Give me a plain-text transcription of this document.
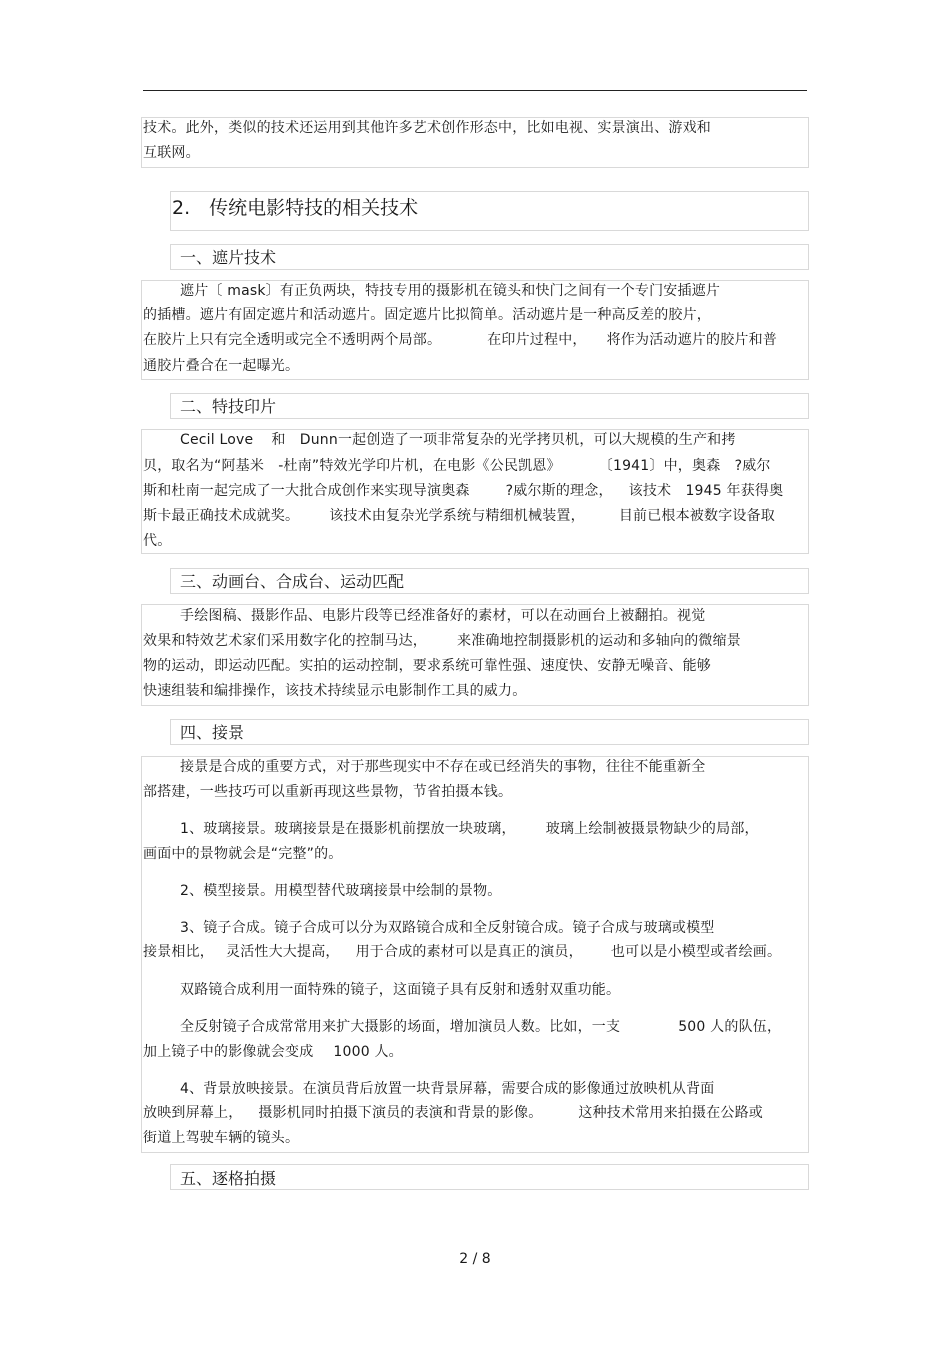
技术。此外，类似的技术还运用到其他许多艺术创作形态中，比如电视、实景演出、游戏和

互联网。

2.　传统电影特技的相关技术
一、遮片技术

遮片〔 mask〕有正负两块，特技专用的摄影机在镜头和快门之间有一个专门安插遮片

的插槽。遮片有固定遮片和活动遮片。固定遮片比拟简单。活动遮片是一种高反差的胶片，

在胶片上只有完全透明或完全不透明两个局部。	在印片过程中， 将作为活动遮片的胶片和普

通胶片叠合在一起曝光。

二、特技印片

Cecil Love 和　Dunn一起创造了一项非常复杂的光学拷贝机，可以大规模的生产和拷

贝，取名为“阿基米　-杜南”特效光学印片机，在电影《公民凯恩》	〔1941〕中，奥森　?威尔

斯和杜南一起完成了一大批合成创作来实现导演奥森	?威尔斯的理念， 该技术　1945 年获得奥

斯卡最正确技术成就奖。 该技术由复杂光学系统与精细机械装置， 目前已根本被数字设备取

代。

三、动画台、合成台、运动匹配

手绘图稿、摄影作品、电影片段等已经准备好的素材，可以在动画台上被翻拍。视觉

效果和特效艺术家们采用数字化的控制马达， 来准确地控制摄影机的运动和多轴向的微缩景

物的运动，即运动匹配。实拍的运动控制，要求系统可靠性强、速度快、安静无噪音、能够

快速组装和编排操作，该技术持续显示电影制作工具的威力。

四、接景

接景是合成的重要方式，对于那些现实中不存在或已经消失的事物，往往不能重新全

部搭建，一些技巧可以重新再现这些景物，节省拍摄本钱。

1、玻璃接景。玻璃接景是在摄影机前摆放一块玻璃， 玻璃上绘制被摄景物缺少的局部，

画面中的景物就会是“完整”的。

2、模型接景。用模型替代玻璃接景中绘制的景物。

3、镜子合成。镜子合成可以分为双路镜合成和全反射镜合成。镜子合成与玻璃或模型

接景相比， 灵活性大大提高， 用于合成的素材可以是真正的演员， 也可以是小模型或者绘画。

双路镜合成利用一面特殊的镜子，这面镜子具有反射和透射双重功能。

全反射镜子合成常常用来扩大摄影的场面，增加演员人数。比如，一支	500 人的队伍，

加上镜子中的影像就会变成 1000 人。

4、背景放映接景。在演员背后放置一块背景屏幕，需要合成的影像通过放映机从背面

放映到屏幕上， 摄影机同时拍摄下演员的表演和背景的影像。	这种技术常用来拍摄在公路或

街道上驾驶车辆的镜头。

五、逐格拍摄
2 / 8
